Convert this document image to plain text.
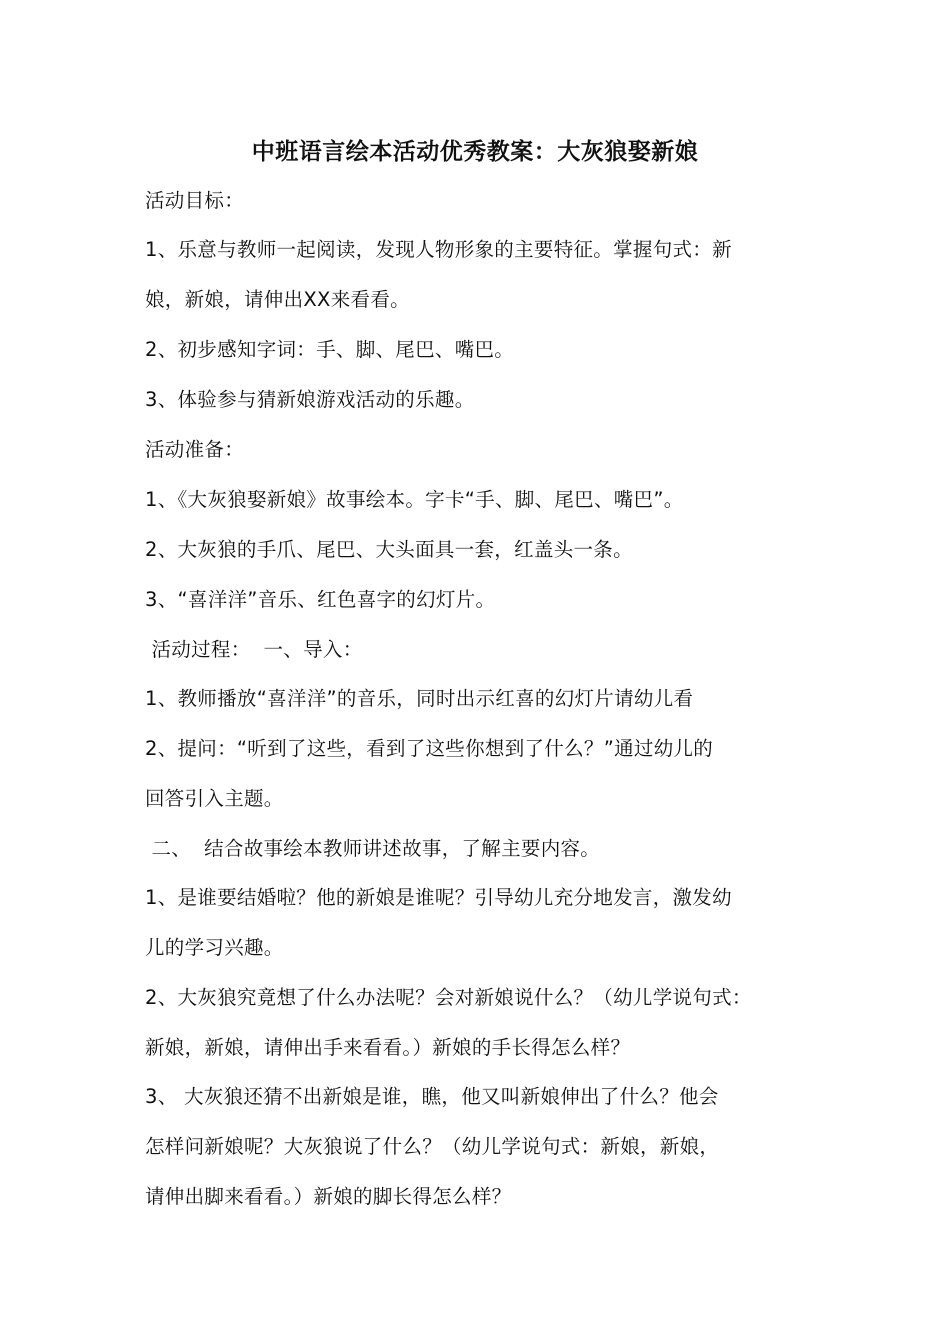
中班语言绘本活动优秀教案：大灰狼娶新娘
活动目标：
1、乐意与教师一起阅读，发现人物形象的主要特征。掌握句式：新
娘，新娘，请伸出XX来看看。
2、初步感知字词：手、脚、尾巴、嘴巴。
3、体验参与猜新娘游戏活动的乐趣。
活动准备：
1、《大灰狼娶新娘》故事绘本。字卡“手、脚、尾巴、嘴巴”。
2、大灰狼的手爪、尾巴、大头面具一套，红盖头一条。
3、“喜洋洋”音乐、红色喜字的幻灯片。
活动过程：  一、导入：
1、教师播放“喜洋洋”的音乐，同时出示红喜的幻灯片请幼儿看
2、提问：“听到了这些，看到了这些你想到了什么？”通过幼儿的
回答引入主题。
二、  结合故事绘本教师讲述故事，了解主要内容。
1、是谁要结婚啦？他的新娘是谁呢？引导幼儿充分地发言，激发幼
儿的学习兴趣。
2、大灰狼究竟想了什么办法呢？会对新娘说什么？（幼儿学说句式：
新娘，新娘，请伸出手来看看。）新娘的手长得怎么样？
3、 大灰狼还猜不出新娘是谁，瞧，他又叫新娘伸出了什么？他会
怎样问新娘呢？大灰狼说了什么？（幼儿学说句式：新娘，新娘，
请伸出脚来看看。）新娘的脚长得怎么样？
